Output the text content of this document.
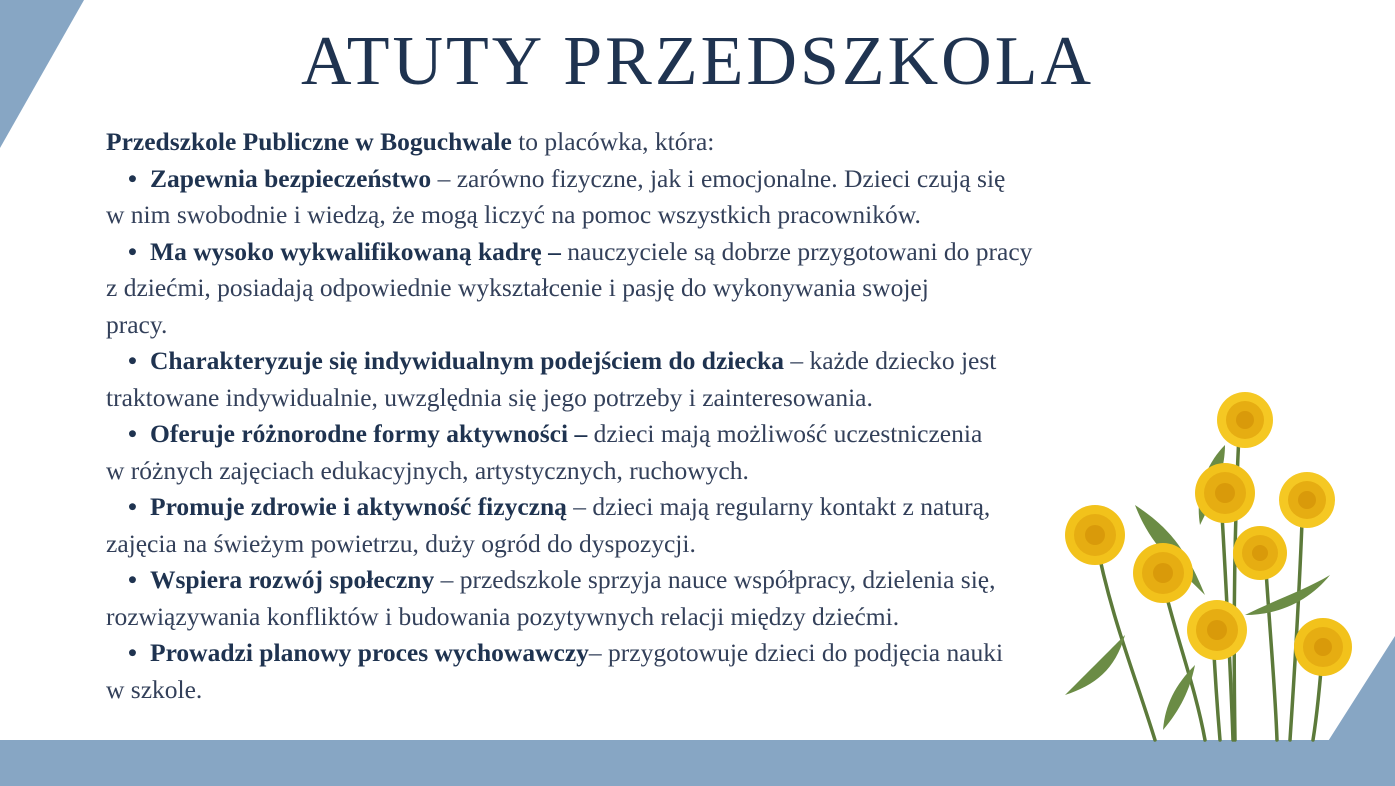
ATUTY PRZEDSZKOLA

Przedszkole Publiczne w Boguchwale to placówka, która:

• Zapewnia bezpieczeństwo – zarówno fizyczne, jak i emocjonalne. Dzieci czują się

w nim swobodnie i wiedzą, że mogą liczyć na pomoc wszystkich pracowników.

• Ma wysoko wykwalifikowaną kadrę – nauczyciele są dobrze przygotowani do pracy

z dziećmi, posiadają odpowiednie wykształcenie i pasję do wykonywania swojej

pracy.

• Charakteryzuje się indywidualnym podejściem do dziecka – każde dziecko jest

traktowane indywidualnie, uwzględnia się jego potrzeby i zainteresowania.

• Oferuje różnorodne formy aktywności – dzieci mają możliwość uczestniczenia

w różnych zajęciach edukacyjnych, artystycznych, ruchowych.

• Promuje zdrowie i aktywność fizyczną – dzieci mają regularny kontakt z naturą,

zajęcia na świeżym powietrzu, duży ogród do dyspozycji.

• Wspiera rozwój społeczny – przedszkole sprzyja nauce współpracy, dzielenia się,

rozwiązywania konfliktów i budowania pozytywnych relacji między dziećmi.

• Prowadzi planowy proces wychowawczy– przygotowuje dzieci do podjęcia nauki

w szkole.
